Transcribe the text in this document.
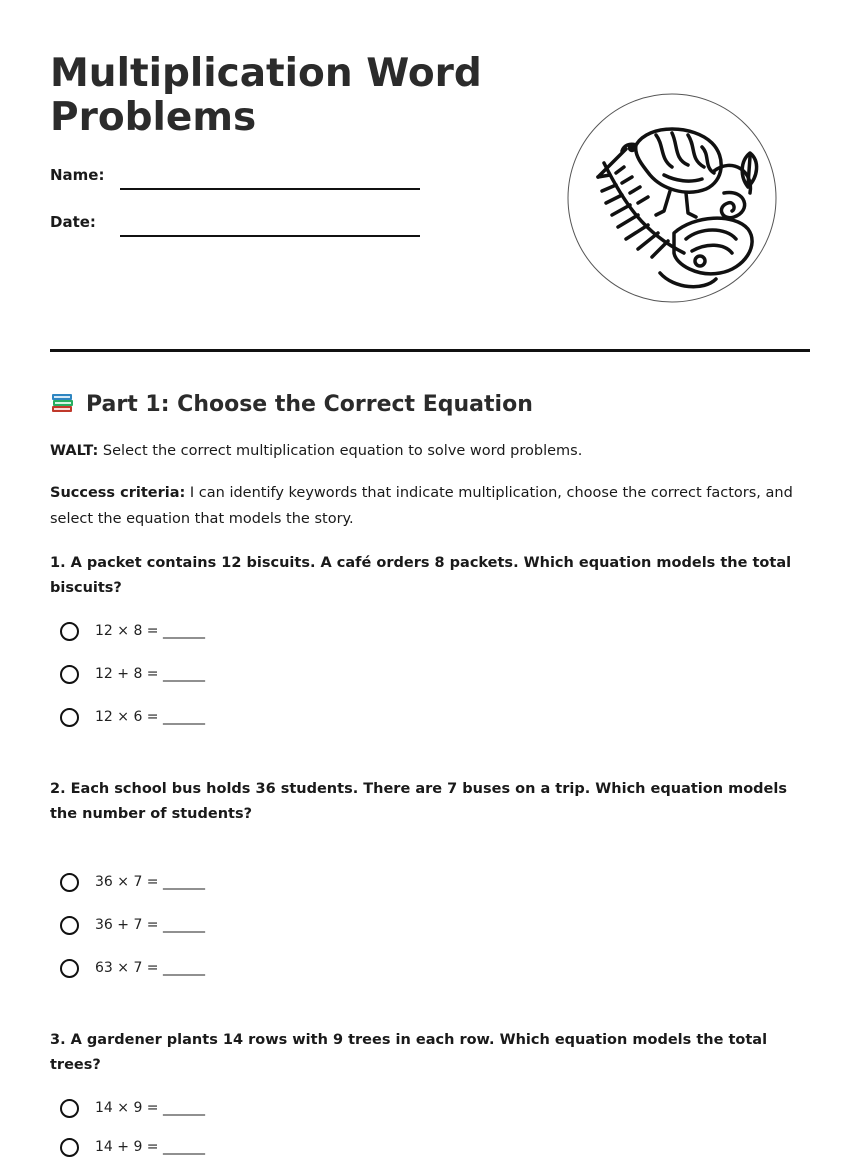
Multiplication Word Problems
Name:
Date:
Part 1: Choose the Correct Equation

WALT: Select the correct multiplication equation to solve word problems.

Success criteria: I can identify keywords that indicate multiplication, choose the correct factors, and select the equation that models the story.

1. A packet contains 12 biscuits. A café orders 8 packets. Which equation models the total biscuits?

12 × 8 = ______
12 + 8 = ______
12 × 6 = ______

2. Each school bus holds 36 students. There are 7 buses on a trip. Which equation models the number of students?

36 × 7 = ______
36 + 7 = ______
63 × 7 = ______

3. A gardener plants 14 rows with 9 trees in each row. Which equation models the total trees?

14 × 9 = ______
14 + 9 = ______
